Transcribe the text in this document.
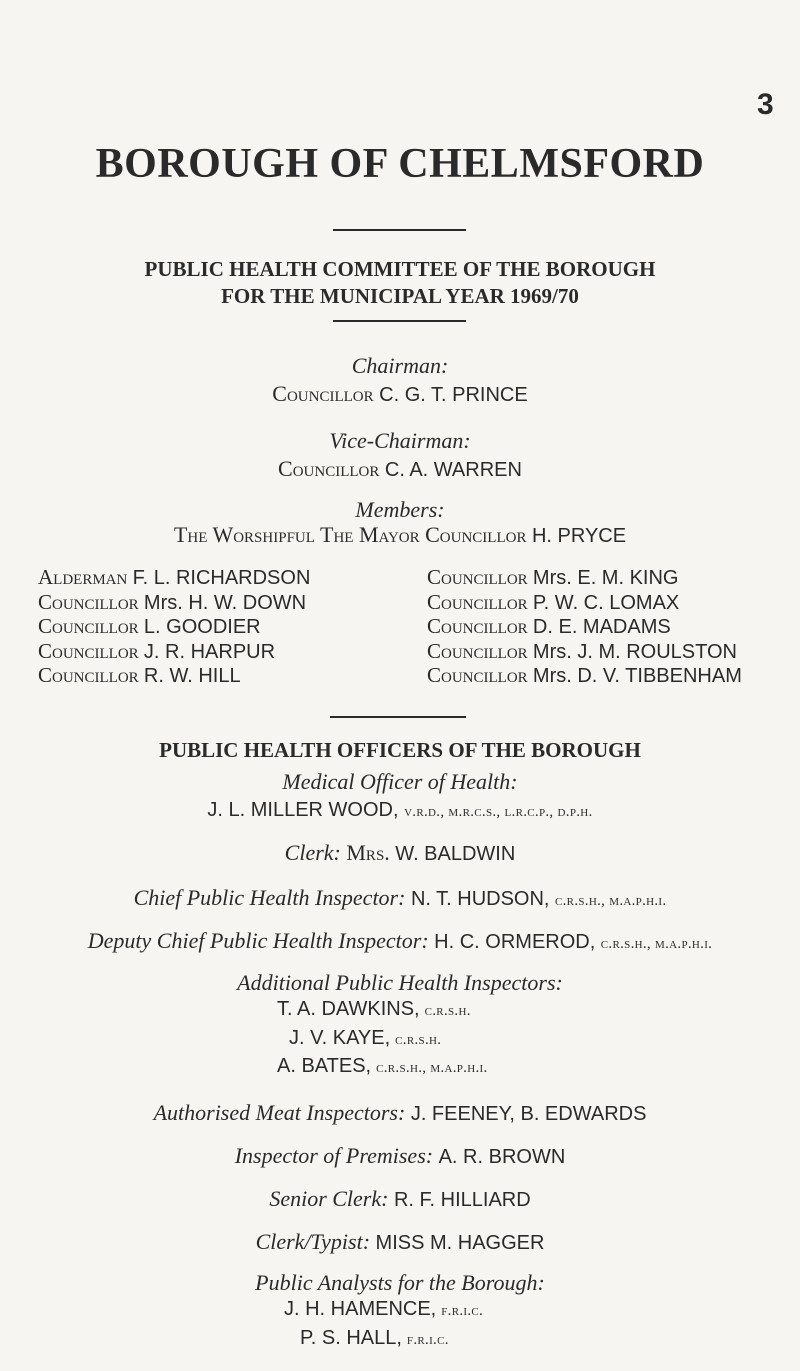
3
BOROUGH OF CHELMSFORD
PUBLIC HEALTH COMMITTEE OF THE BOROUGH
FOR THE MUNICIPAL YEAR 1969/70
Chairman:
Councillor C. G. T. PRINCE
Vice-Chairman:
Councillor C. A. WARREN
Members:
The Worshipful The Mayor Councillor H. PRYCE
Alderman F. L. RICHARDSON
Councillor Mrs. H. W. DOWN
Councillor L. GOODIER
Councillor J. R. HARPUR
Councillor R. W. HILL
Councillor Mrs. E. M. KING
Councillor P. W. C. LOMAX
Councillor D. E. MADAMS
Councillor Mrs. J. M. ROULSTON
Councillor Mrs. D. V. TIBBENHAM
PUBLIC HEALTH OFFICERS OF THE BOROUGH
Medical Officer of Health:
J. L. MILLER WOOD, v.r.d., m.r.c.s., l.r.c.p., d.p.h.
Clerk: Mrs. W. BALDWIN
Chief Public Health Inspector: N. T. HUDSON, c.r.s.h., m.a.p.h.i.
Deputy Chief Public Health Inspector: H. C. ORMEROD, c.r.s.h., m.a.p.h.i.
Additional Public Health Inspectors:
T. A. DAWKINS, c.r.s.h.
J. V. KAYE, c.r.s.h.
A. BATES, c.r.s.h., m.a.p.h.i.
Authorised Meat Inspectors: J. FEENEY, B. EDWARDS
Inspector of Premises: A. R. BROWN
Senior Clerk: R. F. HILLIARD
Clerk/Typist: MISS M. HAGGER
Public Analysts for the Borough:
J. H. HAMENCE, f.r.i.c.
P. S. HALL, f.r.i.c.
